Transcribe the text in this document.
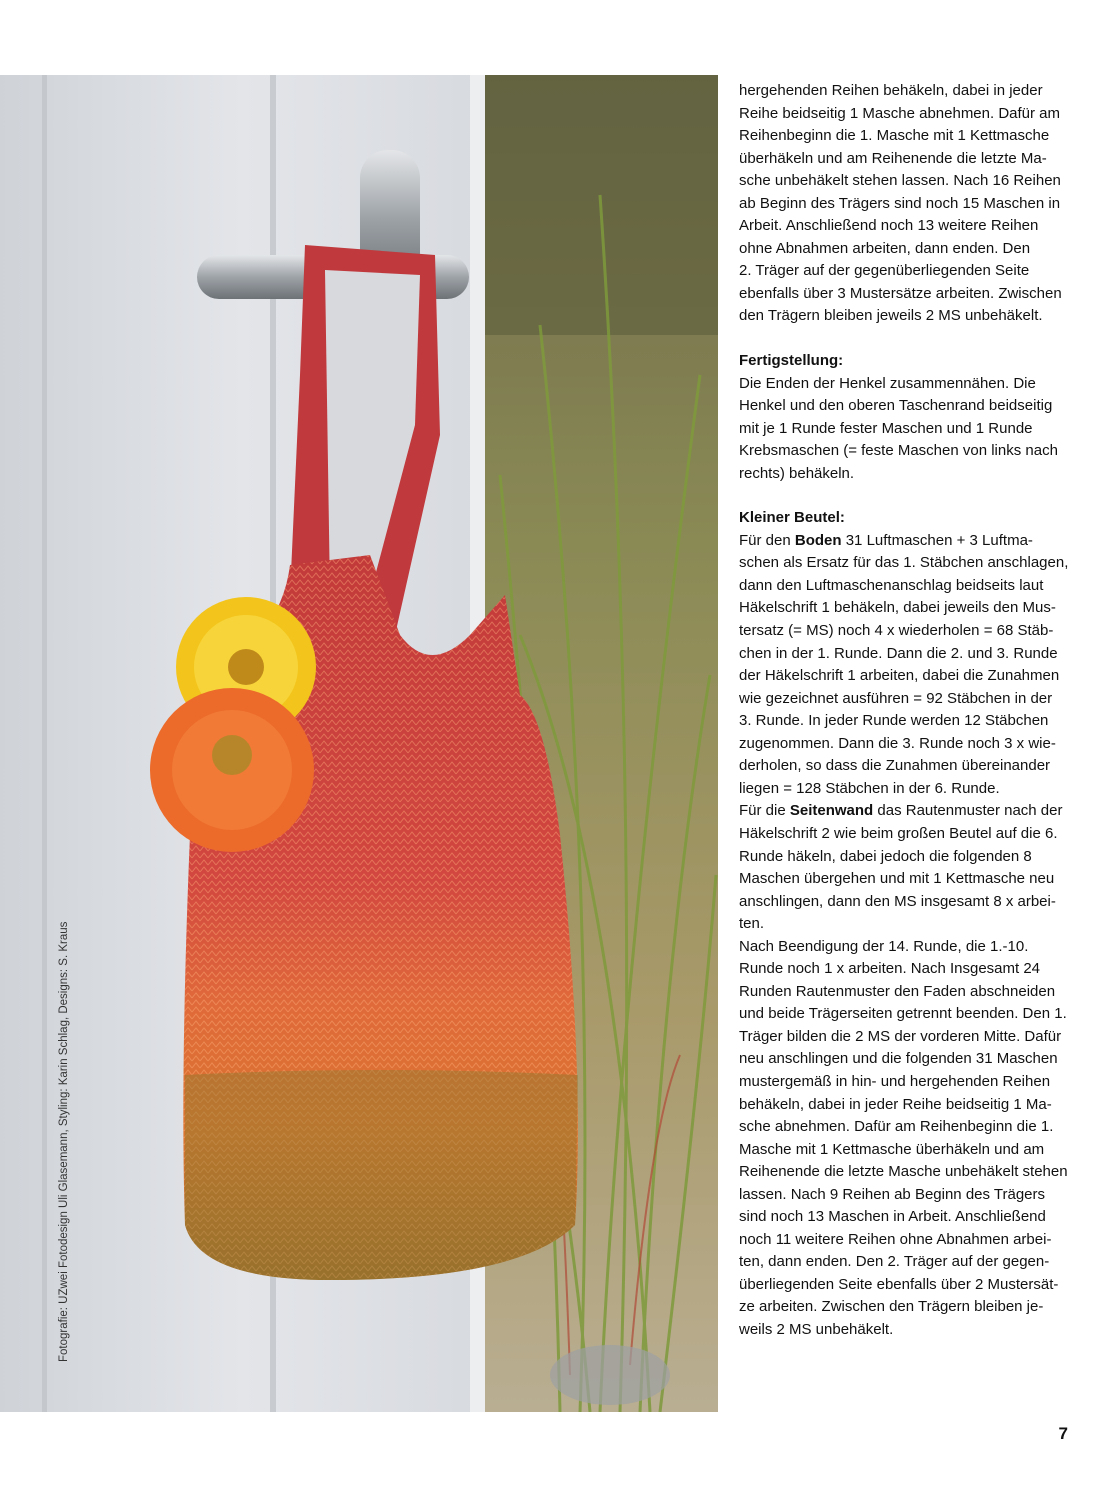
Fotografie: UZwei Fotodesign Uli Glasemann, Styling: Karin Schlag, Designs: S. Kraus

hergehenden Reihen behäkeln, dabei in jeder
Reihe beidseitig 1 Masche abnehmen. Dafür am
Reihenbeginn die 1. Masche mit 1 Kettmasche
überhäkeln und am Reihenende die letzte Ma-
sche unbehäkelt stehen lassen. Nach 16 Reihen
ab Beginn des Trägers sind noch 15 Maschen in
Arbeit. Anschließend noch 13 weitere Reihen
ohne Abnahmen arbeiten, dann enden. Den
2. Träger auf der gegenüberliegenden Seite
ebenfalls über 3 Mustersätze arbeiten. Zwischen
den Trägern bleiben jeweils 2 MS unbehäkelt.

Fertigstellung:
Die Enden der Henkel zusammennähen. Die
Henkel und den oberen Taschenrand beidseitig
mit je 1 Runde fester Maschen und 1 Runde
Krebsmaschen (= feste Maschen von links nach
rechts) behäkeln.

Kleiner Beutel:
Für den Boden 31 Luftmaschen + 3 Luftma-
schen als Ersatz für das 1. Stäbchen anschlagen,
dann den Luftmaschenanschlag beidseits laut
Häkelschrift 1 behäkeln, dabei jeweils den Mus-
tersatz (= MS) noch 4 x wiederholen = 68 Stäb-
chen in der 1. Runde. Dann die 2. und 3. Runde
der Häkelschrift 1 arbeiten, dabei die Zunahmen
wie gezeichnet ausführen = 92 Stäbchen in der
3. Runde. In jeder Runde werden 12 Stäbchen
zugenommen. Dann die 3. Runde noch 3 x wie-
derholen, so dass die Zunahmen übereinander
liegen = 128 Stäbchen in der 6. Runde.
Für die Seitenwand das Rautenmuster nach der
Häkelschrift 2 wie beim großen Beutel auf die 6.
Runde häkeln, dabei jedoch die folgenden 8
Maschen übergehen und mit 1 Kettmasche neu
anschlingen, dann den MS insgesamt 8 x arbei-
ten.
Nach Beendigung der 14. Runde, die 1.-10.
Runde noch 1 x arbeiten. Nach Insgesamt 24
Runden Rautenmuster den Faden abschneiden
und beide Trägerseiten getrennt beenden. Den 1.
Träger bilden die 2 MS der vorderen Mitte. Dafür
neu anschlingen und die folgenden 31 Maschen
mustergemäß in hin- und hergehenden Reihen
behäkeln, dabei in jeder Reihe beidseitig 1 Ma-
sche abnehmen. Dafür am Reihenbeginn die 1.
Masche mit 1 Kettmasche überhäkeln und am
Reihenende die letzte Masche unbehäkelt stehen
lassen. Nach 9 Reihen ab Beginn des Trägers
sind noch 13 Maschen in Arbeit. Anschließend
noch 11 weitere Reihen ohne Abnahmen arbei-
ten, dann enden. Den 2. Träger auf der gegen-
überliegenden Seite ebenfalls über 2 Mustersät-
ze arbeiten. Zwischen den Trägern bleiben je-
weils 2 MS unbehäkelt.

7
